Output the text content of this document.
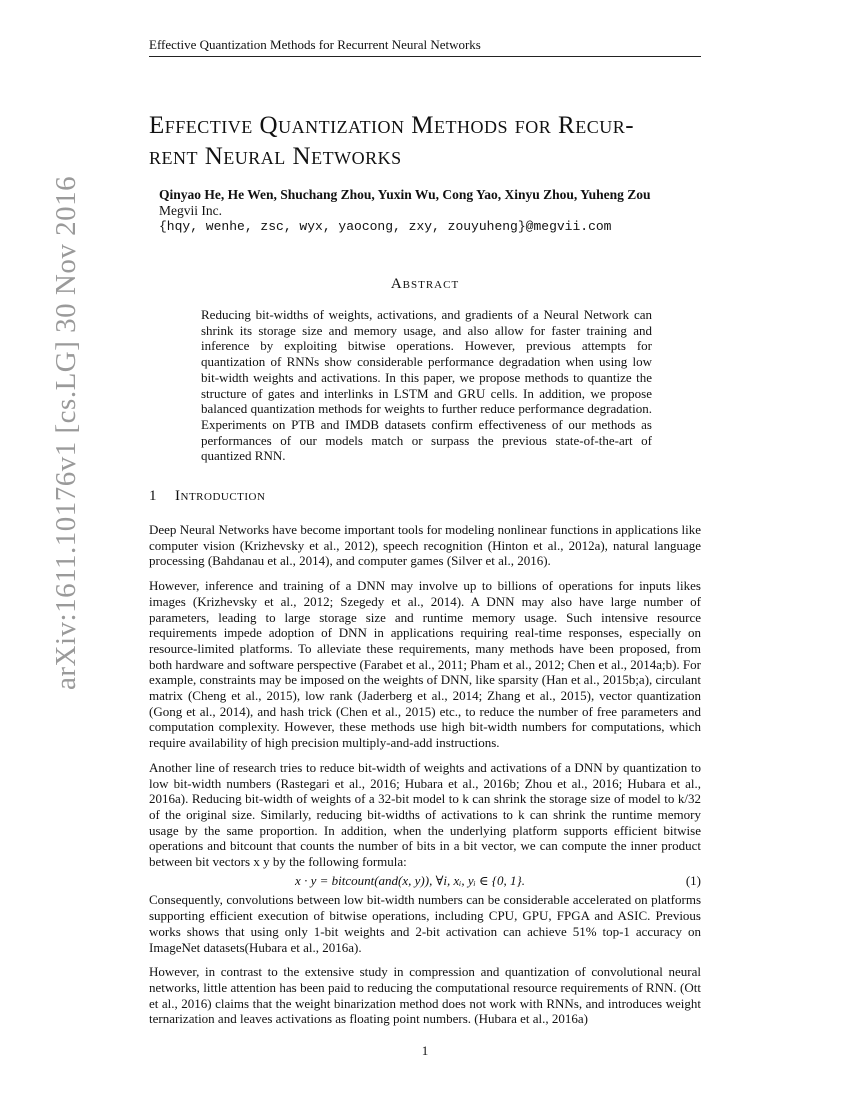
Effective Quantization Methods for Recurrent Neural Networks
Effective Quantization Methods for Recur-
rent Neural Networks
Qinyao He, He Wen, Shuchang Zhou, Yuxin Wu, Cong Yao, Xinyu Zhou, Yuheng Zou
Megvii Inc.
{hqy, wenhe, zsc, wyx, yaocong, zxy, zouyuheng}@megvii.com
Abstract

Reducing bit-widths of weights, activations, and gradients of a Neural Network can shrink its storage size and memory usage, and also allow for faster training and inference by exploiting bitwise operations. However, previous attempts for quantization of RNNs show considerable performance degradation when using low bit-width weights and activations. In this paper, we propose methods to quantize the structure of gates and interlinks in LSTM and GRU cells. In addition, we propose balanced quantization methods for weights to further reduce performance degradation. Experiments on PTB and IMDB datasets confirm effectiveness of our methods as performances of our models match or surpass the previous state-of-the-art of quantized RNN.

1 Introduction

Deep Neural Networks have become important tools for modeling nonlinear functions in applications like computer vision (Krizhevsky et al., 2012), speech recognition (Hinton et al., 2012a), natural language processing (Bahdanau et al., 2014), and computer games (Silver et al., 2016).

However, inference and training of a DNN may involve up to billions of operations for inputs likes images (Krizhevsky et al., 2012; Szegedy et al., 2014). A DNN may also have large number of parameters, leading to large storage size and runtime memory usage. Such intensive resource requirements impede adoption of DNN in applications requiring real-time responses, especially on resource-limited platforms. To alleviate these requirements, many methods have been proposed, from both hardware and software perspective (Farabet et al., 2011; Pham et al., 2012; Chen et al., 2014a;b). For example, constraints may be imposed on the weights of DNN, like sparsity (Han et al., 2015b;a), circulant matrix (Cheng et al., 2015), low rank (Jaderberg et al., 2014; Zhang et al., 2015), vector quantization (Gong et al., 2014), and hash trick (Chen et al., 2015) etc., to reduce the number of free parameters and computation complexity. However, these methods use high bit-width numbers for computations, which require availability of high precision multiply-and-add instructions.

Another line of research tries to reduce bit-width of weights and activations of a DNN by quantization to low bit-width numbers (Rastegari et al., 2016; Hubara et al., 2016b; Zhou et al., 2016; Hubara et al., 2016a). Reducing bit-width of weights of a 32-bit model to k can shrink the storage size of model to k/32 of the original size. Similarly, reducing bit-widths of activations to k can shrink the runtime memory usage by the same proportion. In addition, when the underlying platform supports efficient bitwise operations and bitcount that counts the number of bits in a bit vector, we can compute the inner product between bit vectors x y by the following formula:

x · y = bitcount(and(x, y)), ∀i, xᵢ, yᵢ ∈ {0, 1}.	(1)

Consequently, convolutions between low bit-width numbers can be considerable accelerated on platforms supporting efficient execution of bitwise operations, including CPU, GPU, FPGA and ASIC. Previous works shows that using only 1-bit weights and 2-bit activation can achieve 51% top-1 accuracy on ImageNet datasets(Hubara et al., 2016a).

However, in contrast to the extensive study in compression and quantization of convolutional neural networks, little attention has been paid to reducing the computational resource requirements of RNN. (Ott et al., 2016) claims that the weight binarization method does not work with RNNs, and introduces weight ternarization and leaves activations as floating point numbers. (Hubara et al., 2016a)

arXiv:1611.10176v1 [cs.LG] 30 Nov 2016
1
